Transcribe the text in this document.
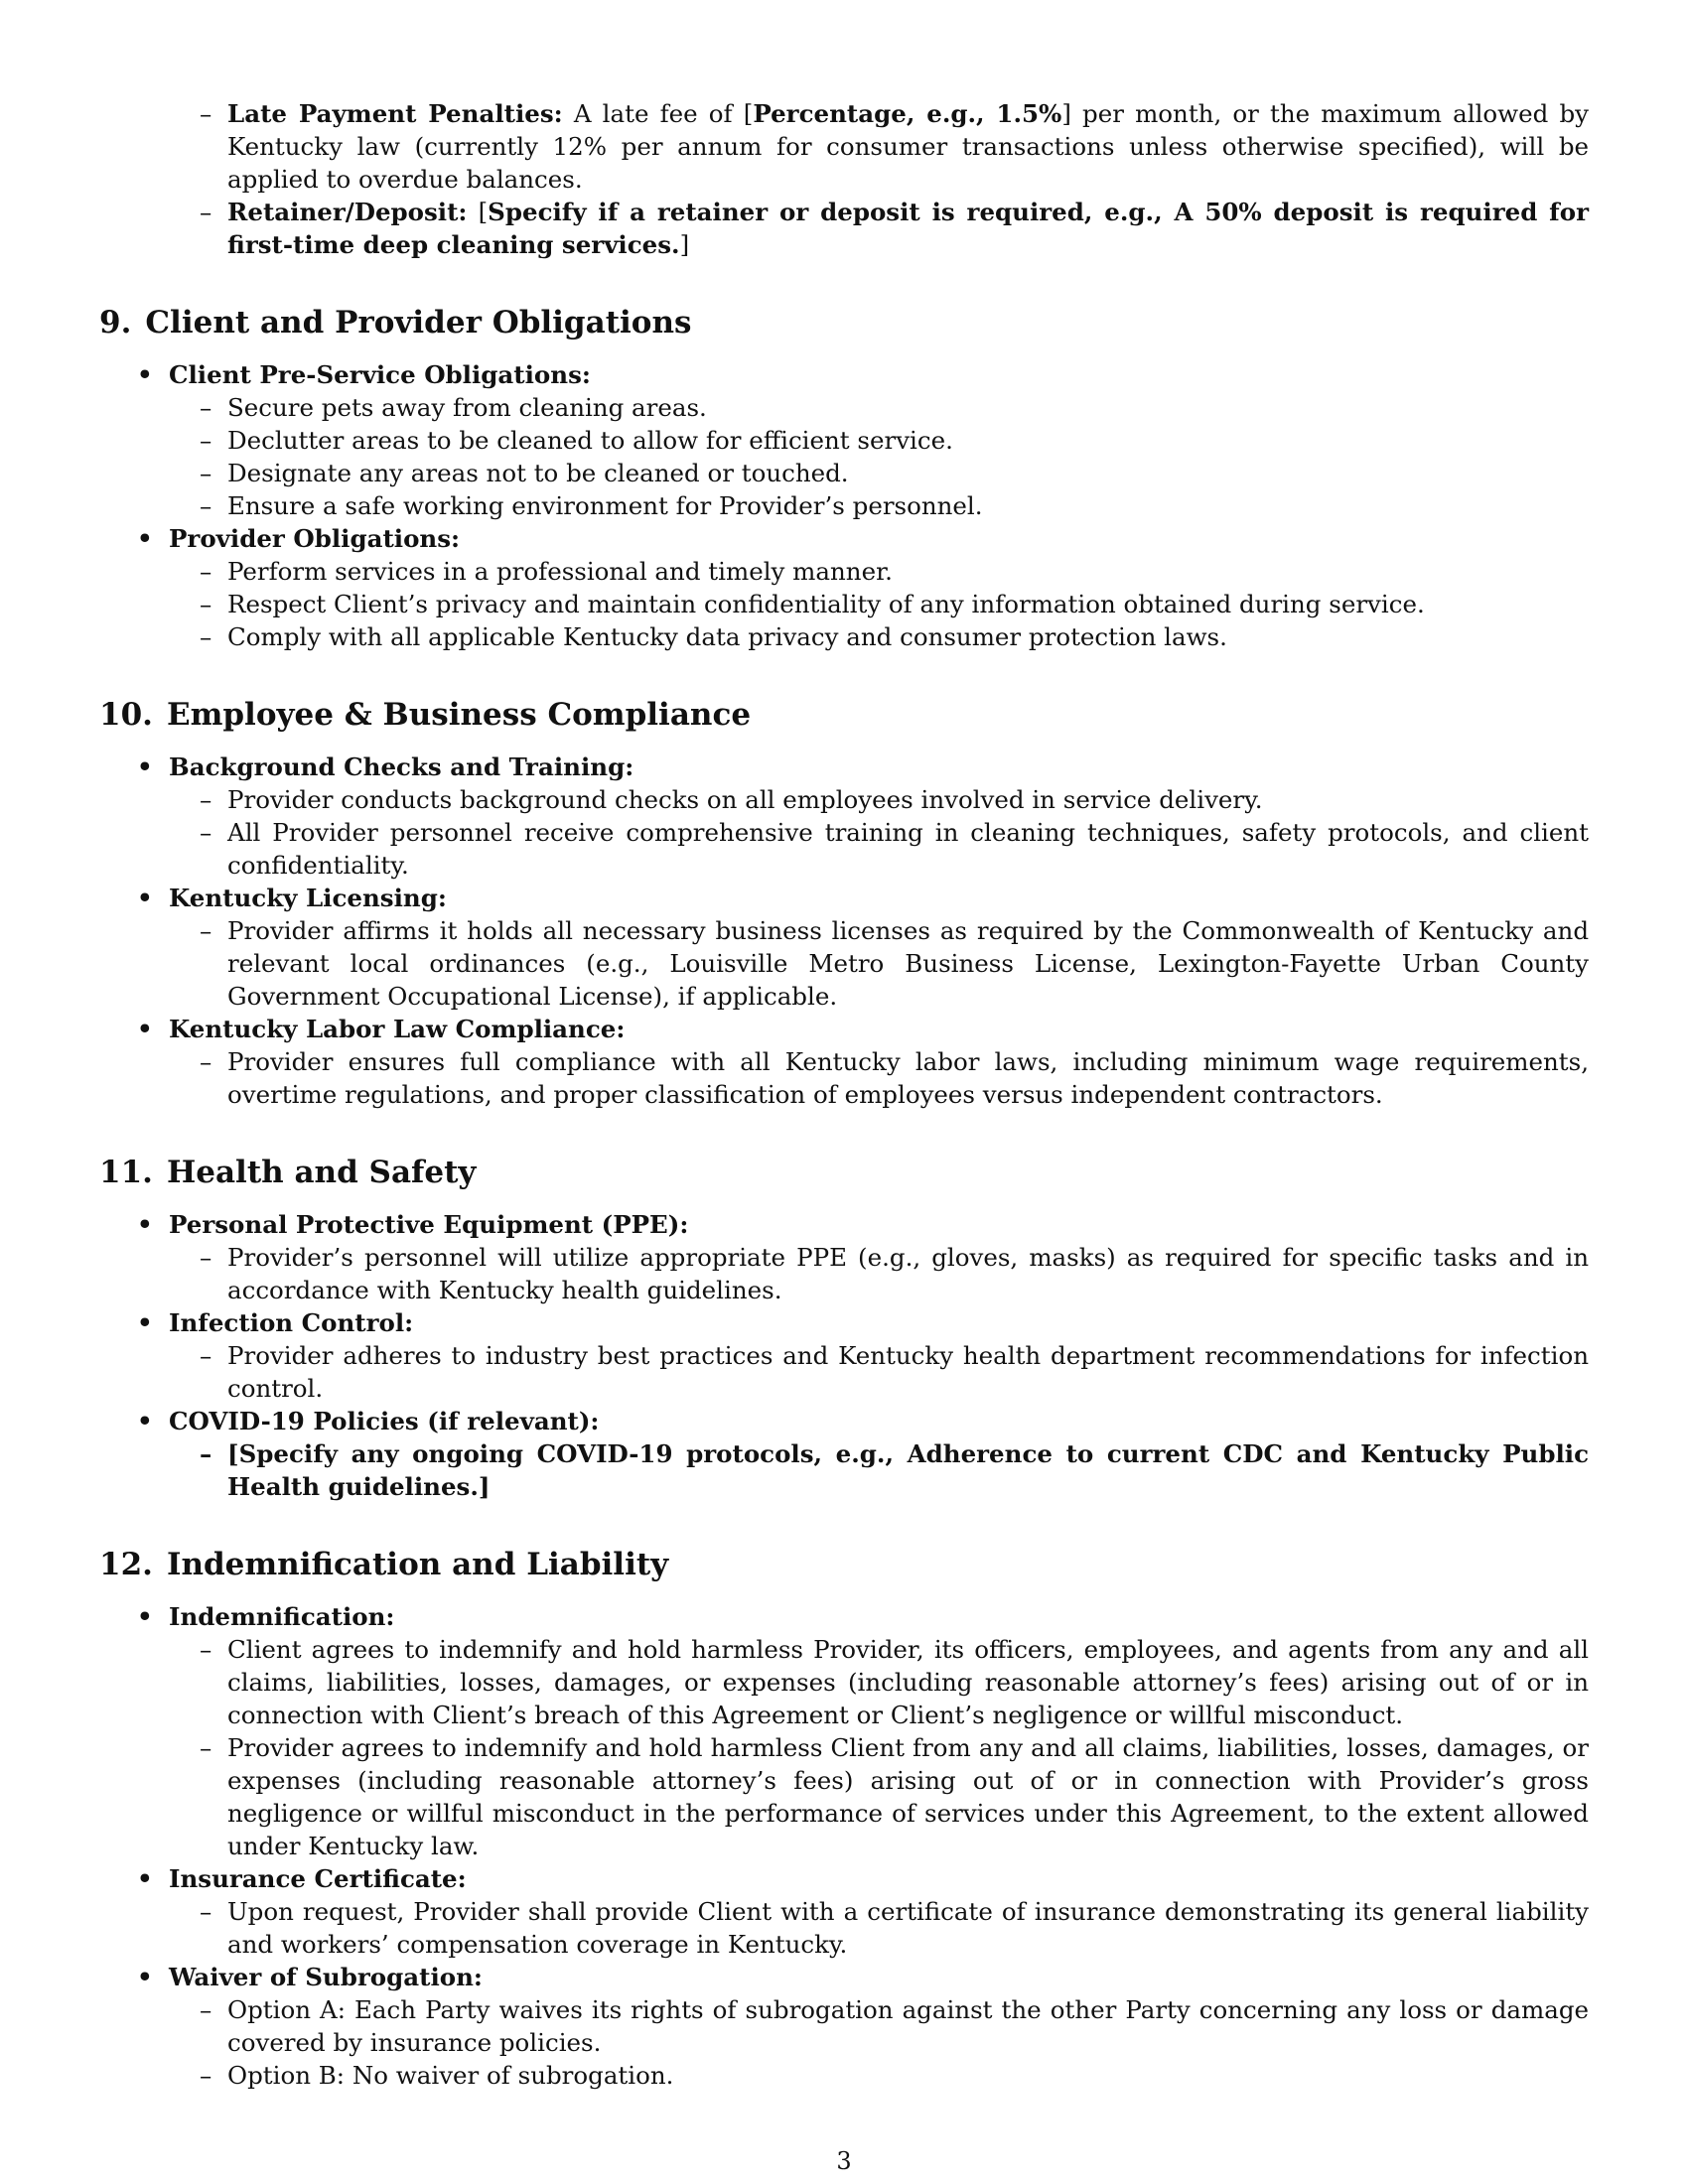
– Late Payment Penalties: A late fee of [Percentage, e.g., 1.5%] per month, or the maximum allowed by Kentucky law (currently 12% per annum for consumer transactions unless otherwise specified), will be applied to overdue balances.
– Retainer/Deposit: [Specify if a retainer or deposit is required, e.g., A 50% deposit is required for first-time deep cleaning services.]
9. Client and Provider Obligations
• Client Pre-Service Obligations:
– Secure pets away from cleaning areas.
– Declutter areas to be cleaned to allow for efficient service.
– Designate any areas not to be cleaned or touched.
– Ensure a safe working environment for Provider’s personnel.
• Provider Obligations:
– Perform services in a professional and timely manner.
– Respect Client’s privacy and maintain confidentiality of any information obtained during service.
– Comply with all applicable Kentucky data privacy and consumer protection laws.
10. Employee & Business Compliance
• Background Checks and Training:
– Provider conducts background checks on all employees involved in service delivery.
– All Provider personnel receive comprehensive training in cleaning techniques, safety protocols, and client confidentiality.
• Kentucky Licensing:
– Provider affirms it holds all necessary business licenses as required by the Commonwealth of Kentucky and relevant local ordinances (e.g., Louisville Metro Business License, Lexington-Fayette Urban County Government Occupational License), if applicable.
• Kentucky Labor Law Compliance:
– Provider ensures full compliance with all Kentucky labor laws, including minimum wage requirements, overtime regulations, and proper classification of employees versus independent contractors.
11. Health and Safety
• Personal Protective Equipment (PPE):
– Provider’s personnel will utilize appropriate PPE (e.g., gloves, masks) as required for specific tasks and in accordance with Kentucky health guidelines.
• Infection Control:
– Provider adheres to industry best practices and Kentucky health department recommendations for infection control.
• COVID-19 Policies (if relevant):
– [Specify any ongoing COVID-19 protocols, e.g., Adherence to current CDC and Kentucky Public Health guidelines.]
12. Indemnification and Liability
• Indemnification:
– Client agrees to indemnify and hold harmless Provider, its officers, employees, and agents from any and all claims, liabilities, losses, damages, or expenses (including reasonable attorney’s fees) arising out of or in connection with Client’s breach of this Agreement or Client’s negligence or willful misconduct.
– Provider agrees to indemnify and hold harmless Client from any and all claims, liabilities, losses, damages, or expenses (including reasonable attorney’s fees) arising out of or in connection with Provider’s gross negligence or willful misconduct in the performance of services under this Agreement, to the extent allowed under Kentucky law.
• Insurance Certificate:
– Upon request, Provider shall provide Client with a certificate of insurance demonstrating its general liability and workers’ compensation coverage in Kentucky.
• Waiver of Subrogation:
– Option A: Each Party waives its rights of subrogation against the other Party concerning any loss or damage covered by insurance policies.
– Option B: No waiver of subrogation.
3
